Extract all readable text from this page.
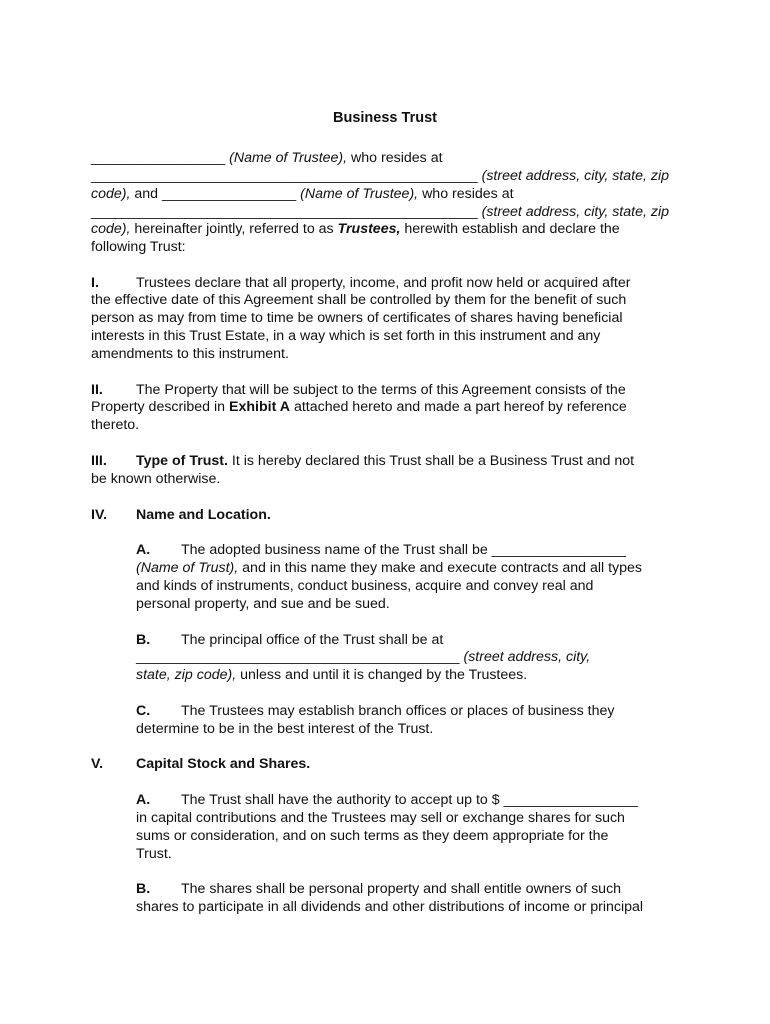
Business Trust
_________________ (Name of Trustee), who resides at
_________________________________________________ (street address, city, state, zip
code), and _________________ (Name of Trustee), who resides at
_________________________________________________ (street address, city, state, zip
code), hereinafter jointly, referred to as Trustees, herewith establish and declare the
following Trust:
I.	Trustees declare that all property, income, and profit now held or acquired after
the effective date of this Agreement shall be controlled by them for the benefit of such
person as may from time to time be owners of certificates of shares having beneficial
interests in this Trust Estate, in a way which is set forth in this instrument and any
amendments to this instrument.
II. The Property that will be subject to the terms of this Agreement consists of the
Property described in Exhibit A attached hereto and made a part hereof by reference
thereto.
III. Type of Trust. It is hereby declared this Trust shall be a Business Trust and not
be known otherwise.
IV. Name and Location.
A. The adopted business name of the Trust shall be _________________
(Name of Trust), and in this name they make and execute contracts and all types
and kinds of instruments, conduct business, acquire and convey real and
personal property, and sue and be sued.
B. The principal office of the Trust shall be at
_________________________________________ (street address, city,
state, zip code), unless and until it is changed by the Trustees.
C. The Trustees may establish branch offices or places of business they
determine to be in the best interest of the Trust.
V. Capital Stock and Shares.
A. The Trust shall have the authority to accept up to $ _________________
in capital contributions and the Trustees may sell or exchange shares for such
sums or consideration, and on such terms as they deem appropriate for the
Trust.
B. The shares shall be personal property and shall entitle owners of such
shares to participate in all dividends and other distributions of income or principal
